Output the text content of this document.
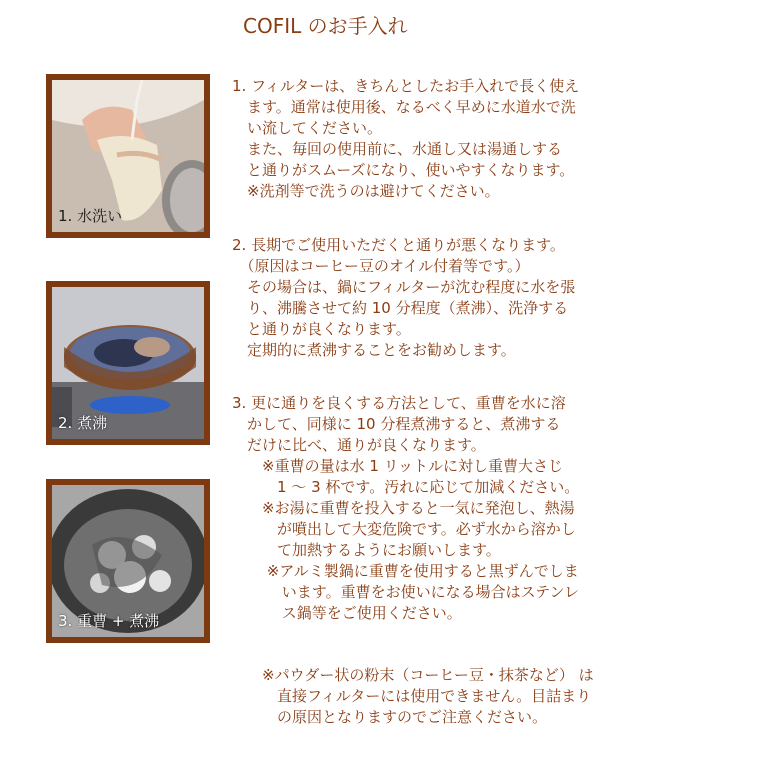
COFIL のお手入れ
1. 水洗い
2. 煮沸
3. 重曹 + 煮沸
1. フィルターは、きちんとしたお手入れで長く使え
　ます。通常は使用後、なるべく早めに水道水で洗
　い流してください。
　また、毎回の使用前に、水通し又は湯通しする
　と通りがスムーズになり、使いやすくなります。
　※洗剤等で洗うのは避けてください。
2. 長期でご使用いただくと通りが悪くなります。
　（原因はコーヒー豆のオイル付着等です。）
　その場合は、鍋にフィルターが沈む程度に水を張
　り、沸騰させて約 10 分程度（煮沸）、洗浄する
　と通りが良くなります。
　定期的に煮沸することをお勧めします。
3. 更に通りを良くする方法として、重曹を水に溶
　かして、同様に 10 分程煮沸すると、煮沸する
　だけに比べ、通りが良くなります。
　　※重曹の量は水 1 リットルに対し重曹大さじ
　　　1 ～ 3 杯です。汚れに応じて加減ください。
　　※お湯に重曹を投入すると一気に発泡し、熱湯
　　　が噴出して大変危険です。必ず水から溶かし
　　　て加熱するようにお願いします。
　　 ※アルミ製鍋に重曹を使用すると黒ずんでしま
　　　 います。重曹をお使いになる場合はステンレ
　　　 ス鍋等をご使用ください。
　　※パウダー状の粉末（コーヒー豆・抹茶など） は
　　　直接フィルターには使用できません。目詰まり
　　　の原因となりますのでご注意ください。
